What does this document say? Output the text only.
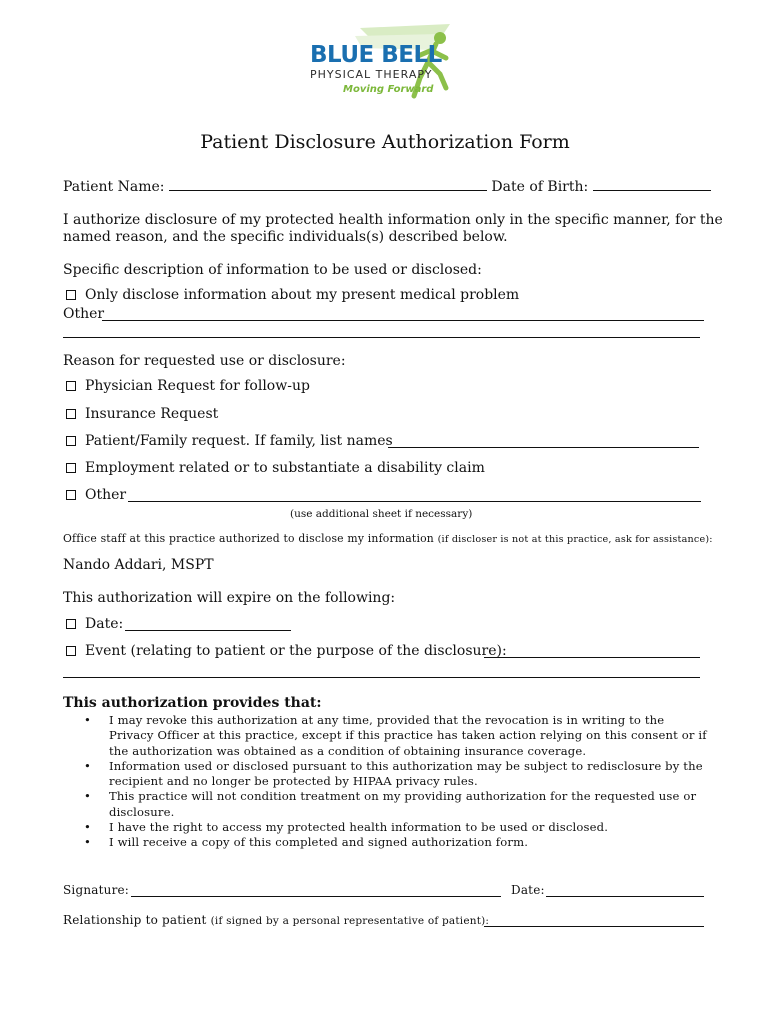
BLUE BELL
PHYSICAL THERAPY
Moving Forward
Patient Disclosure Authorization Form
Patient Name:	Date of Birth:
I authorize disclosure of my protected health information only in the specific manner, for the
named reason, and the specific individuals(s) described below.
Specific description of information to be used or disclosed:
Only disclose information about my present medical problem
Other
Reason for requested use or disclosure:
Physician Request for follow-up
Insurance Request
Patient/Family request. If family, list names
Employment related or to substantiate a disability claim
Other
(use additional sheet if necessary)
Office staff at this practice authorized to disclose my information (if discloser is not at this practice, ask for assistance):
Nando Addari, MSPT
This authorization will expire on the following:
Date:
Event (relating to patient or the purpose of the disclosure):
This authorization provides that:
• I may revoke this authorization at any time, provided that the revocation is in writing to the Privacy Officer at this practice, except if this practice has taken action relying on this consent or if the authorization was obtained as a condition of obtaining insurance coverage.
• Information used or disclosed pursuant to this authorization may be subject to redisclosure by the recipient and no longer be protected by HIPAA privacy rules.
• This practice will not condition treatment on my providing authorization for the requested use or disclosure.
• I have the right to access my protected health information to be used or disclosed.
• I will receive a copy of this completed and signed authorization form.
Signature:	Date:
Relationship to patient (if signed by a personal representative of patient):
